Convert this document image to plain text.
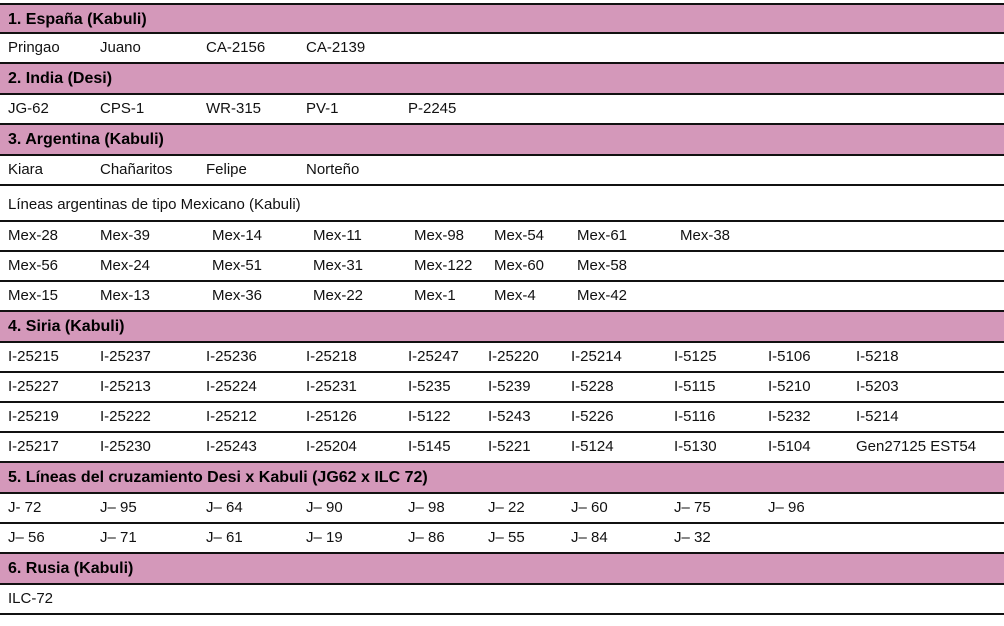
1. España (Kabuli)
Pringao	Juano	CA-2156	CA-2139
2. India (Desi)
JG-62	CPS-1	WR-315	PV-1	P-2245
3. Argentina (Kabuli)
Kiara	Chañaritos Felipe	Norteño
Líneas argentinas de tipo Mexicano (Kabuli)
Mex-28	Mex-39	Mex-14	Mex-11	Mex-98 Mex-54 Mex-61	Mex-38
Mex-56	Mex-24	Mex-51	Mex-31	Mex-122 Mex-60 Mex-58
Mex-15	Mex-13	Mex-36	Mex-22	Mex-1	Mex-4	Mex-42
4. Siria (Kabuli)
I-25215	I-25237	I-25236	I-25218	I-25247 I-25220 I-25214	I-5125	I-5106	I-5218
I-25227	I-25213	I-25224	I-25231	I-5235 I-5239	I-5228	I-5115	I-5210	I-5203
I-25219	I-25222	I-25212	I-25126	I-5122 I-5243	I-5226	I-5116	I-5232	I-5214
I-25217	I-25230	I-25243	I-25204	I-5145 I-5221	I-5124	I-5130	I-5104	Gen27125 EST54
5. Líneas del cruzamiento Desi x Kabuli (JG62 x ILC 72)
J- 72	J– 95	J– 64	J– 90	J– 98	J– 22	J– 60	J– 75	J– 96
J– 56	J– 71	J– 61	J– 19	J– 86	J– 55	J– 84	J– 32
6. Rusia (Kabuli)
ILC-72
